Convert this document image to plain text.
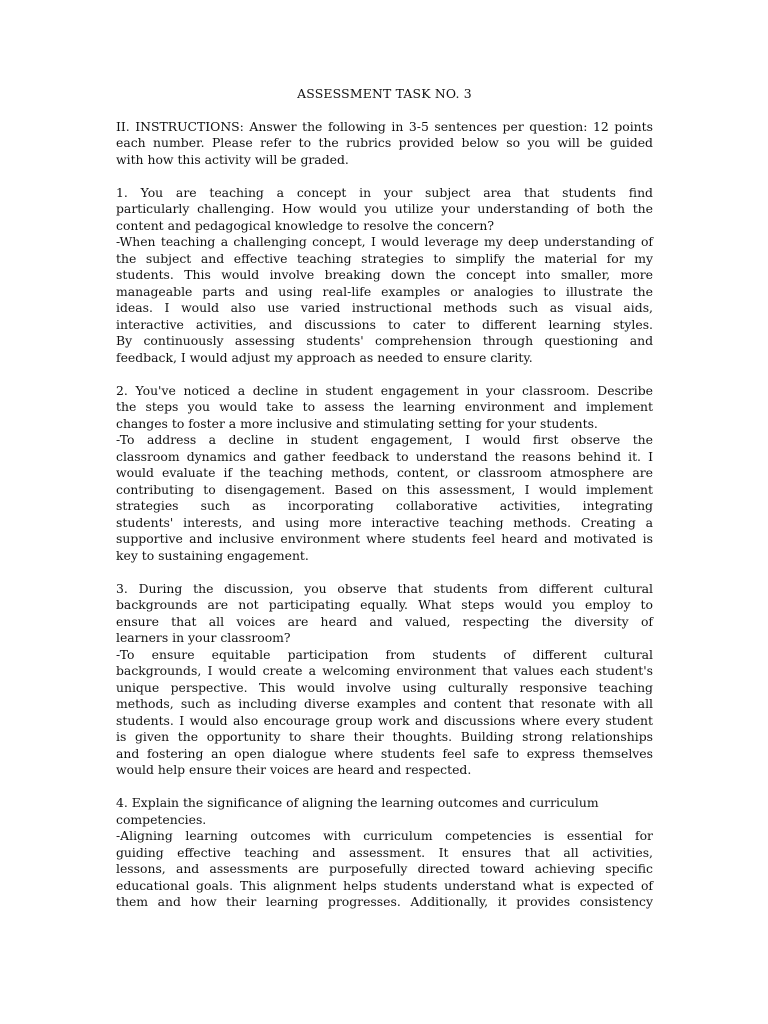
ASSESSMENT TASK NO. 3
II. INSTRUCTIONS: Answer the following in 3-5 sentences per question: 12 points
each number. Please refer to the rubrics provided below so you will be guided
with how this activity will be graded.
1. You are teaching a concept in your subject area that students find
particularly challenging. How would you utilize your understanding of both the
content and pedagogical knowledge to resolve the concern?
-When teaching a challenging concept, I would leverage my deep understanding of
the subject and effective teaching strategies to simplify the material for my
students. This would involve breaking down the concept into smaller, more
manageable parts and using real-life examples or analogies to illustrate the
ideas. I would also use varied instructional methods such as visual aids,
interactive activities, and discussions to cater to different learning styles.
By continuously assessing students' comprehension through questioning and
feedback, I would adjust my approach as needed to ensure clarity.
2. You've noticed a decline in student engagement in your classroom. Describe
the steps you would take to assess the learning environment and implement
changes to foster a more inclusive and stimulating setting for your students.
-To address a decline in student engagement, I would first observe the
classroom dynamics and gather feedback to understand the reasons behind it. I
would evaluate if the teaching methods, content, or classroom atmosphere are
contributing to disengagement. Based on this assessment, I would implement
strategies such as incorporating collaborative activities, integrating
students' interests, and using more interactive teaching methods. Creating a
supportive and inclusive environment where students feel heard and motivated is
key to sustaining engagement.
3. During the discussion, you observe that students from different cultural
backgrounds are not participating equally. What steps would you employ to
ensure that all voices are heard and valued, respecting the diversity of
learners in your classroom?
-To ensure equitable participation from students of different cultural
backgrounds, I would create a welcoming environment that values each student's
unique perspective. This would involve using culturally responsive teaching
methods, such as including diverse examples and content that resonate with all
students. I would also encourage group work and discussions where every student
is given the opportunity to share their thoughts. Building strong relationships
and fostering an open dialogue where students feel safe to express themselves
would help ensure their voices are heard and respected.
4. Explain the significance of aligning the learning outcomes and curriculum
competencies.
-Aligning learning outcomes with curriculum competencies is essential for
guiding effective teaching and assessment. It ensures that all activities,
lessons, and assessments are purposefully directed toward achieving specific
educational goals. This alignment helps students understand what is expected of
them and how their learning progresses. Additionally, it provides consistency
